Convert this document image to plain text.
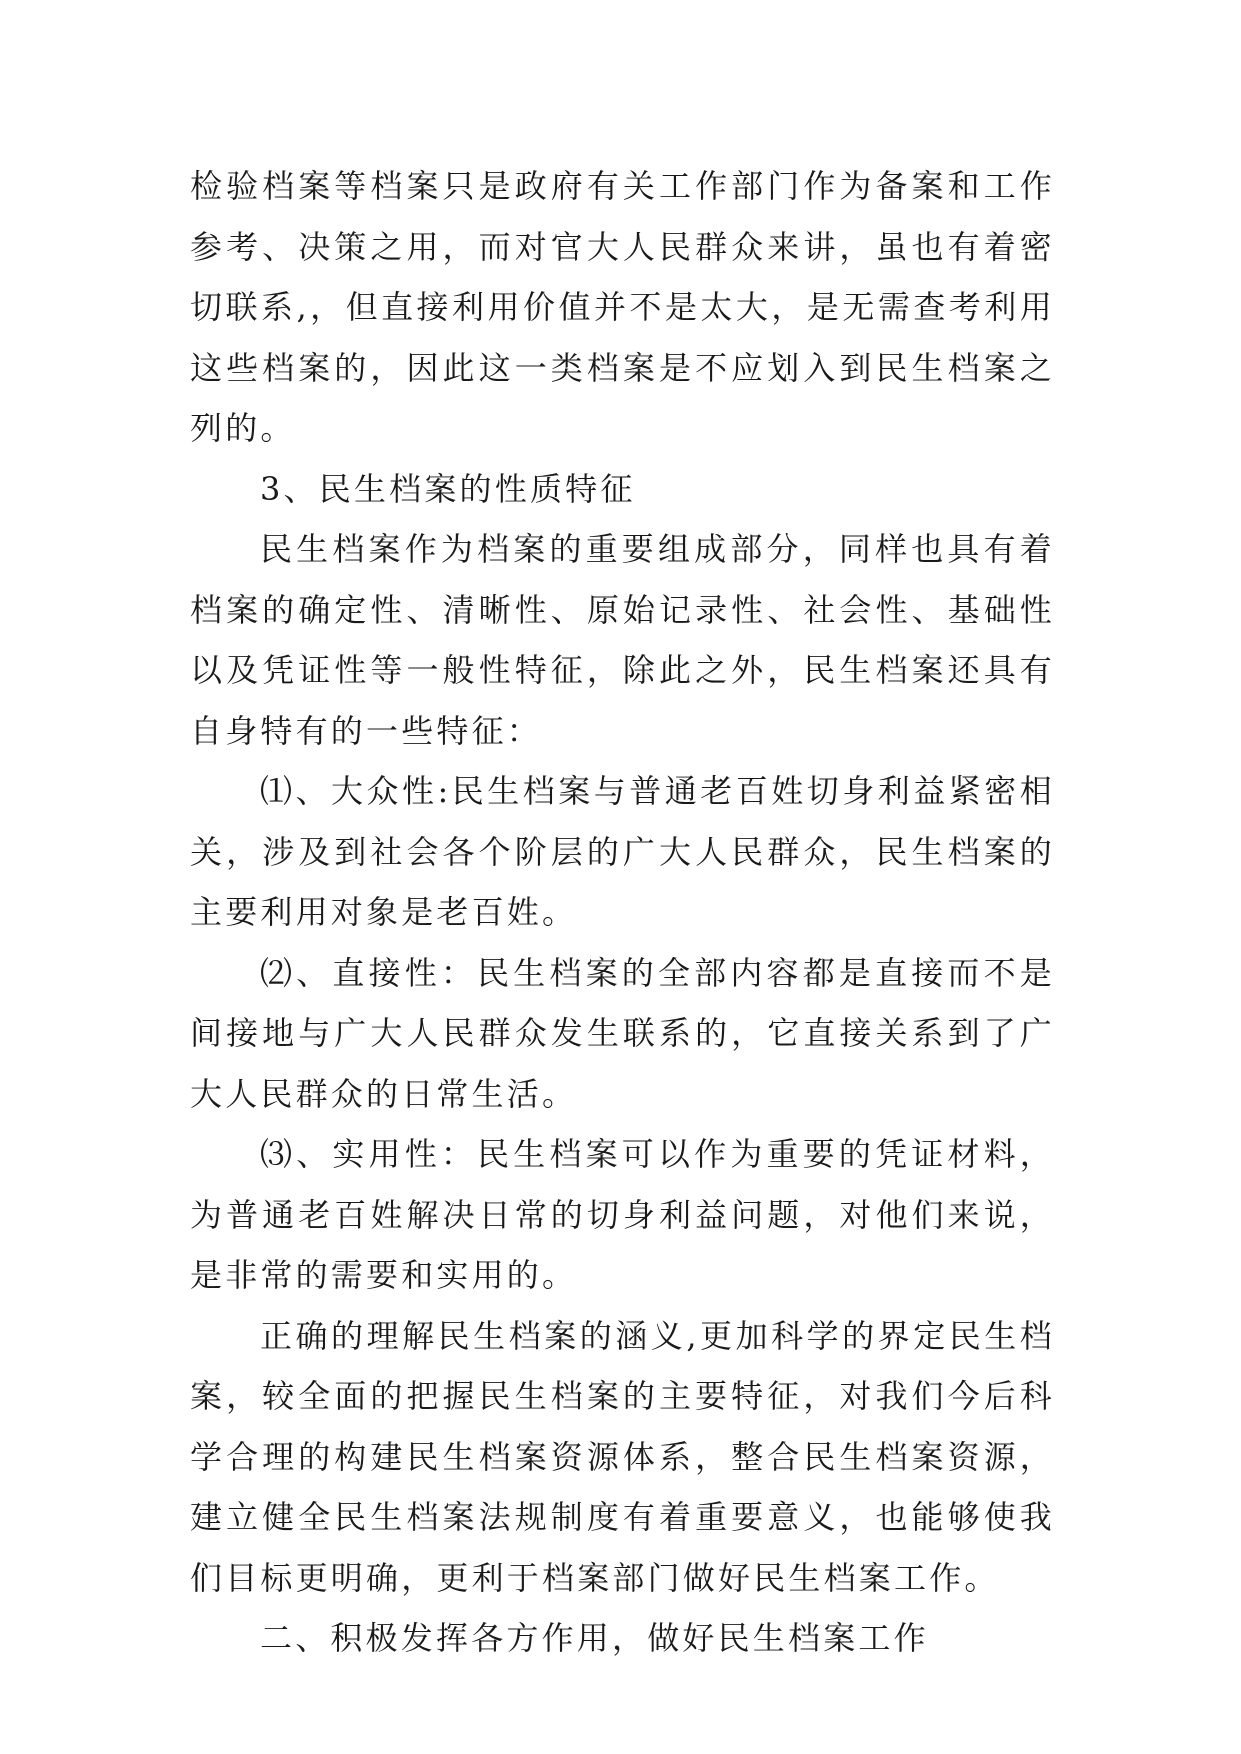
检验档案等档案只是政府有关工作部门作为备案和工作参考、决策之用，而对官大人民群众来讲，虽也有着密切联系,，但直接利用价值并不是太大，是无需查考利用这些档案的，因此这一类档案是不应划入到民生档案之列的。

3、民生档案的性质特征

民生档案作为档案的重要组成部分，同样也具有着档案的确定性、清晰性、原始记录性、社会性、基础性以及凭证性等一般性特征，除此之外，民生档案还具有自身特有的一些特征：

⑴、大众性:民生档案与普通老百姓切身利益紧密相关，涉及到社会各个阶层的广大人民群众，民生档案的主要利用对象是老百姓。

⑵、直接性：民生档案的全部内容都是直接而不是间接地与广大人民群众发生联系的，它直接关系到了广大人民群众的日常生活。

⑶、实用性：民生档案可以作为重要的凭证材料，为普通老百姓解决日常的切身利益问题，对他们来说，是非常的需要和实用的。

正确的理解民生档案的涵义,更加科学的界定民生档案，较全面的把握民生档案的主要特征，对我们今后科学合理的构建民生档案资源体系，整合民生档案资源，建立健全民生档案法规制度有着重要意义，也能够使我们目标更明确，更利于档案部门做好民生档案工作。

二、积极发挥各方作用，做好民生档案工作
